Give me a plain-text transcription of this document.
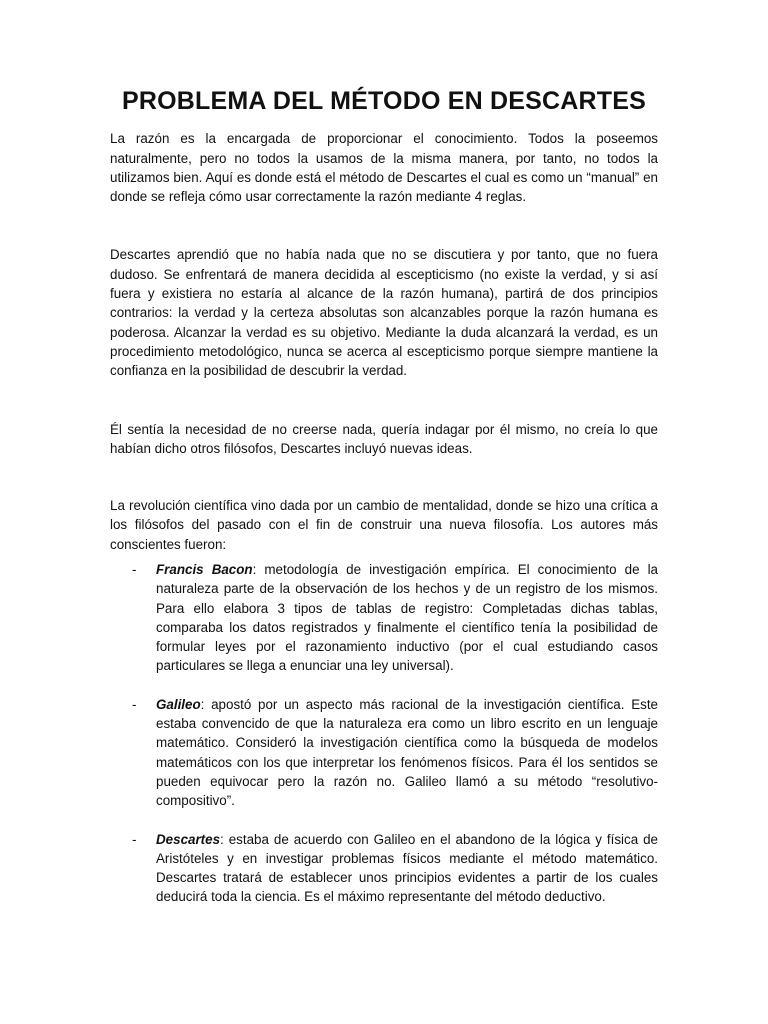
PROBLEMA DEL MÉTODO EN DESCARTES

La razón es la encargada de proporcionar el conocimiento. Todos la poseemos naturalmente, pero no todos la usamos de la misma manera, por tanto, no todos la utilizamos bien. Aquí es donde está el método de Descartes el cual es como un “manual” en donde se refleja cómo usar correctamente la razón mediante 4 reglas.

Descartes aprendió que no había nada que no se discutiera y por tanto, que no fuera dudoso. Se enfrentará de manera decidida al escepticismo (no existe la verdad, y si así fuera y existiera no estaría al alcance de la razón humana), partirá de dos principios contrarios: la verdad y la certeza absolutas son alcanzables porque la razón humana es poderosa. Alcanzar la verdad es su objetivo. Mediante la duda alcanzará la verdad, es un procedimiento metodológico, nunca se acerca al escepticismo porque siempre mantiene la confianza en la posibilidad de descubrir la verdad.

Él sentía la necesidad de no creerse nada, quería indagar por él mismo, no creía lo que habían dicho otros filósofos, Descartes incluyó nuevas ideas.

La revolución científica vino dada por un cambio de mentalidad, donde se hizo una crítica a los filósofos del pasado con el fin de construir una nueva filosofía. Los autores más conscientes fueron:

- Francis Bacon: metodología de investigación empírica. El conocimiento de la naturaleza parte de la observación de los hechos y de un registro de los mismos. Para ello elabora 3 tipos de tablas de registro: Completadas dichas tablas, comparaba los datos registrados y finalmente el científico tenía la posibilidad de formular leyes por el razonamiento inductivo (por el cual estudiando casos particulares se llega a enunciar una ley universal).
- Galileo: apostó por un aspecto más racional de la investigación científica. Este estaba convencido de que la naturaleza era como un libro escrito en un lenguaje matemático. Consideró la investigación científica como la búsqueda de modelos matemáticos con los que interpretar los fenómenos físicos. Para él los sentidos se pueden equivocar pero la razón no. Galileo llamó a su método “resolutivo-compositivo”.
- Descartes: estaba de acuerdo con Galileo en el abandono de la lógica y física de Aristóteles y en investigar problemas físicos mediante el método matemático. Descartes tratará de establecer unos principios evidentes a partir de los cuales deducirá toda la ciencia. Es el máximo representante del método deductivo.
